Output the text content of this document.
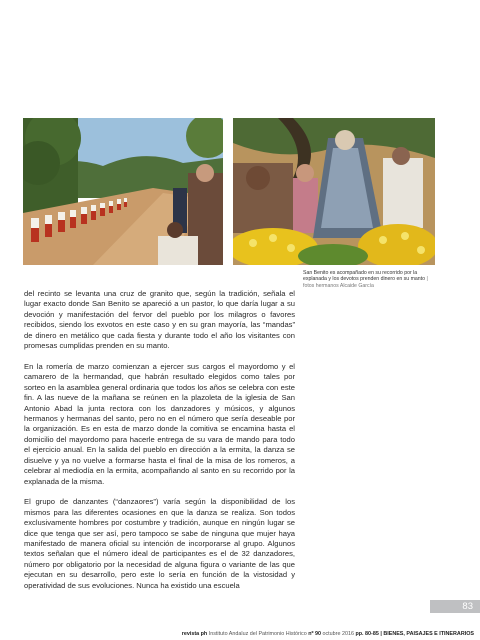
San Benito es acompañado en su recorrido por la explanada y los devotos prenden dinero en su manto | fotos hermanos Alcaide García

del recinto se levanta una cruz de granito que, según la tradición, señala el lugar exacto donde San Benito se apareció a un pastor, lo que daría lugar a su devoción y manifestación del fervor del pueblo por los milagros o favores recibidos, siendo los exvotos en este caso y en su gran mayoría, las “mandas” de dinero en metálico que cada fiesta y durante todo el año los visitantes con promesas cumplidas prenden en su manto.

En la romería de marzo comienzan a ejercer sus cargos el mayordomo y el camarero de la hermandad, que habrán resultado elegidos como tales por sorteo en la asamblea general ordinaria que todos los años se celebra con este fin. A las nueve de la mañana se reúnen en la plazoleta de la iglesia de San Antonio Abad la junta rectora con los danzadores y músicos, y algunos hermanos y hermanas del santo, pero no en el número que sería deseable por la organización. Es en esta de marzo donde la comitiva se encamina hasta el domicilio del mayordomo para hacerle entrega de su vara de mando para todo el ejercicio anual. En la salida del pueblo en dirección a la ermita, la danza se disuelve y ya no vuelve a formarse hasta el final de la misa de los romeros, a celebrar al mediodía en la ermita, acompañando al santo en su recorrido por la explanada de la misma.

El grupo de danzantes (“danzaores”) varía según la disponibilidad de los mismos para las diferentes ocasiones en que la danza se realiza. Son todos exclusivamente hombres por costumbre y tradición, aunque en ningún lugar se dice que tenga que ser así, pero tampoco se sabe de ninguna que mujer haya manifestado de manera oficial su intención de incorporarse al grupo. Algunos textos señalan que el número ideal de participantes es el de 32 danzadores, número por obligatorio por la necesidad de alguna figura o variante de las que ejecutan en su desarrollo, pero este lo sería en función de la vistosidad y operatividad de sus evoluciones. Nunca ha existido una escuela

83
revista ph Instituto Andaluz del Patrimonio Histórico nº 90 octubre 2016 pp. 80-85 | BIENES, PAISAJES E ITINERARIOS
